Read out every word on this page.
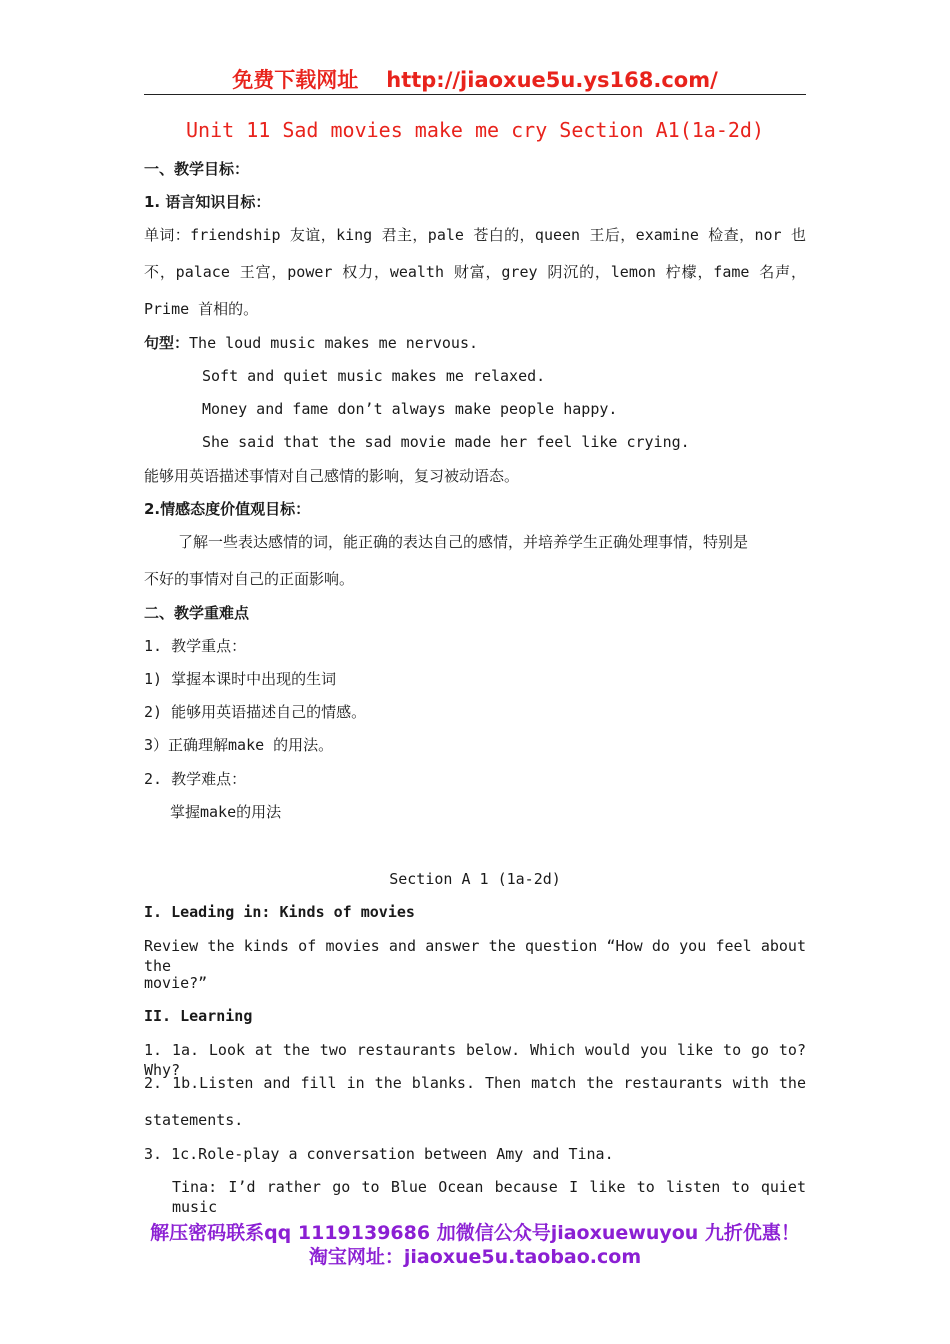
免费下载网址 http://jiaoxue5u.ys168.com/
Unit 11 Sad movies make me cry Section A1(1a-2d)
一、教学目标：
1. 语言知识目标：
单词：friendship 友谊，king 君主，pale 苍白的，queen 王后，examine 检查，nor 也
不，palace 王宫，power 权力，wealth 财富，grey 阴沉的，lemon 柠檬，fame 名声，
Prime 首相的。
句型：The loud music makes me nervous.
Soft and quiet music makes me relaxed.
Money and fame don’t always make people happy.
She said that the sad movie made her feel like crying.
能够用英语描述事情对自己感情的影响，复习被动语态。
2.情感态度价值观目标：
了解一些表达感情的词，能正确的表达自己的感情，并培养学生正确处理事情，特别是
不好的事情对自己的正面影响。
二、教学重难点
1. 教学重点：
1) 掌握本课时中出现的生词
2) 能够用英语描述自己的情感。
3）正确理解make 的用法。
2. 教学难点：
掌握make的用法
Section A 1 (1a-2d)
I. Leading in: Kinds of movies
Review the kinds of movies and answer the question “How do you feel about the
movie?”
II. Learning
1. 1a. Look at the two restaurants below. Which would you like to go to? Why?
2. 1b.Listen and fill in the blanks. Then match the restaurants with the
statements.
3. 1c.Role-play a conversation between Amy and Tina.
Tina: I’d rather go to Blue Ocean because I like to listen to quiet music
解压密码联系qq 1119139686 加微信公众号jiaoxuewuyou 九折优惠！
淘宝网址：jiaoxue5u.taobao.com
